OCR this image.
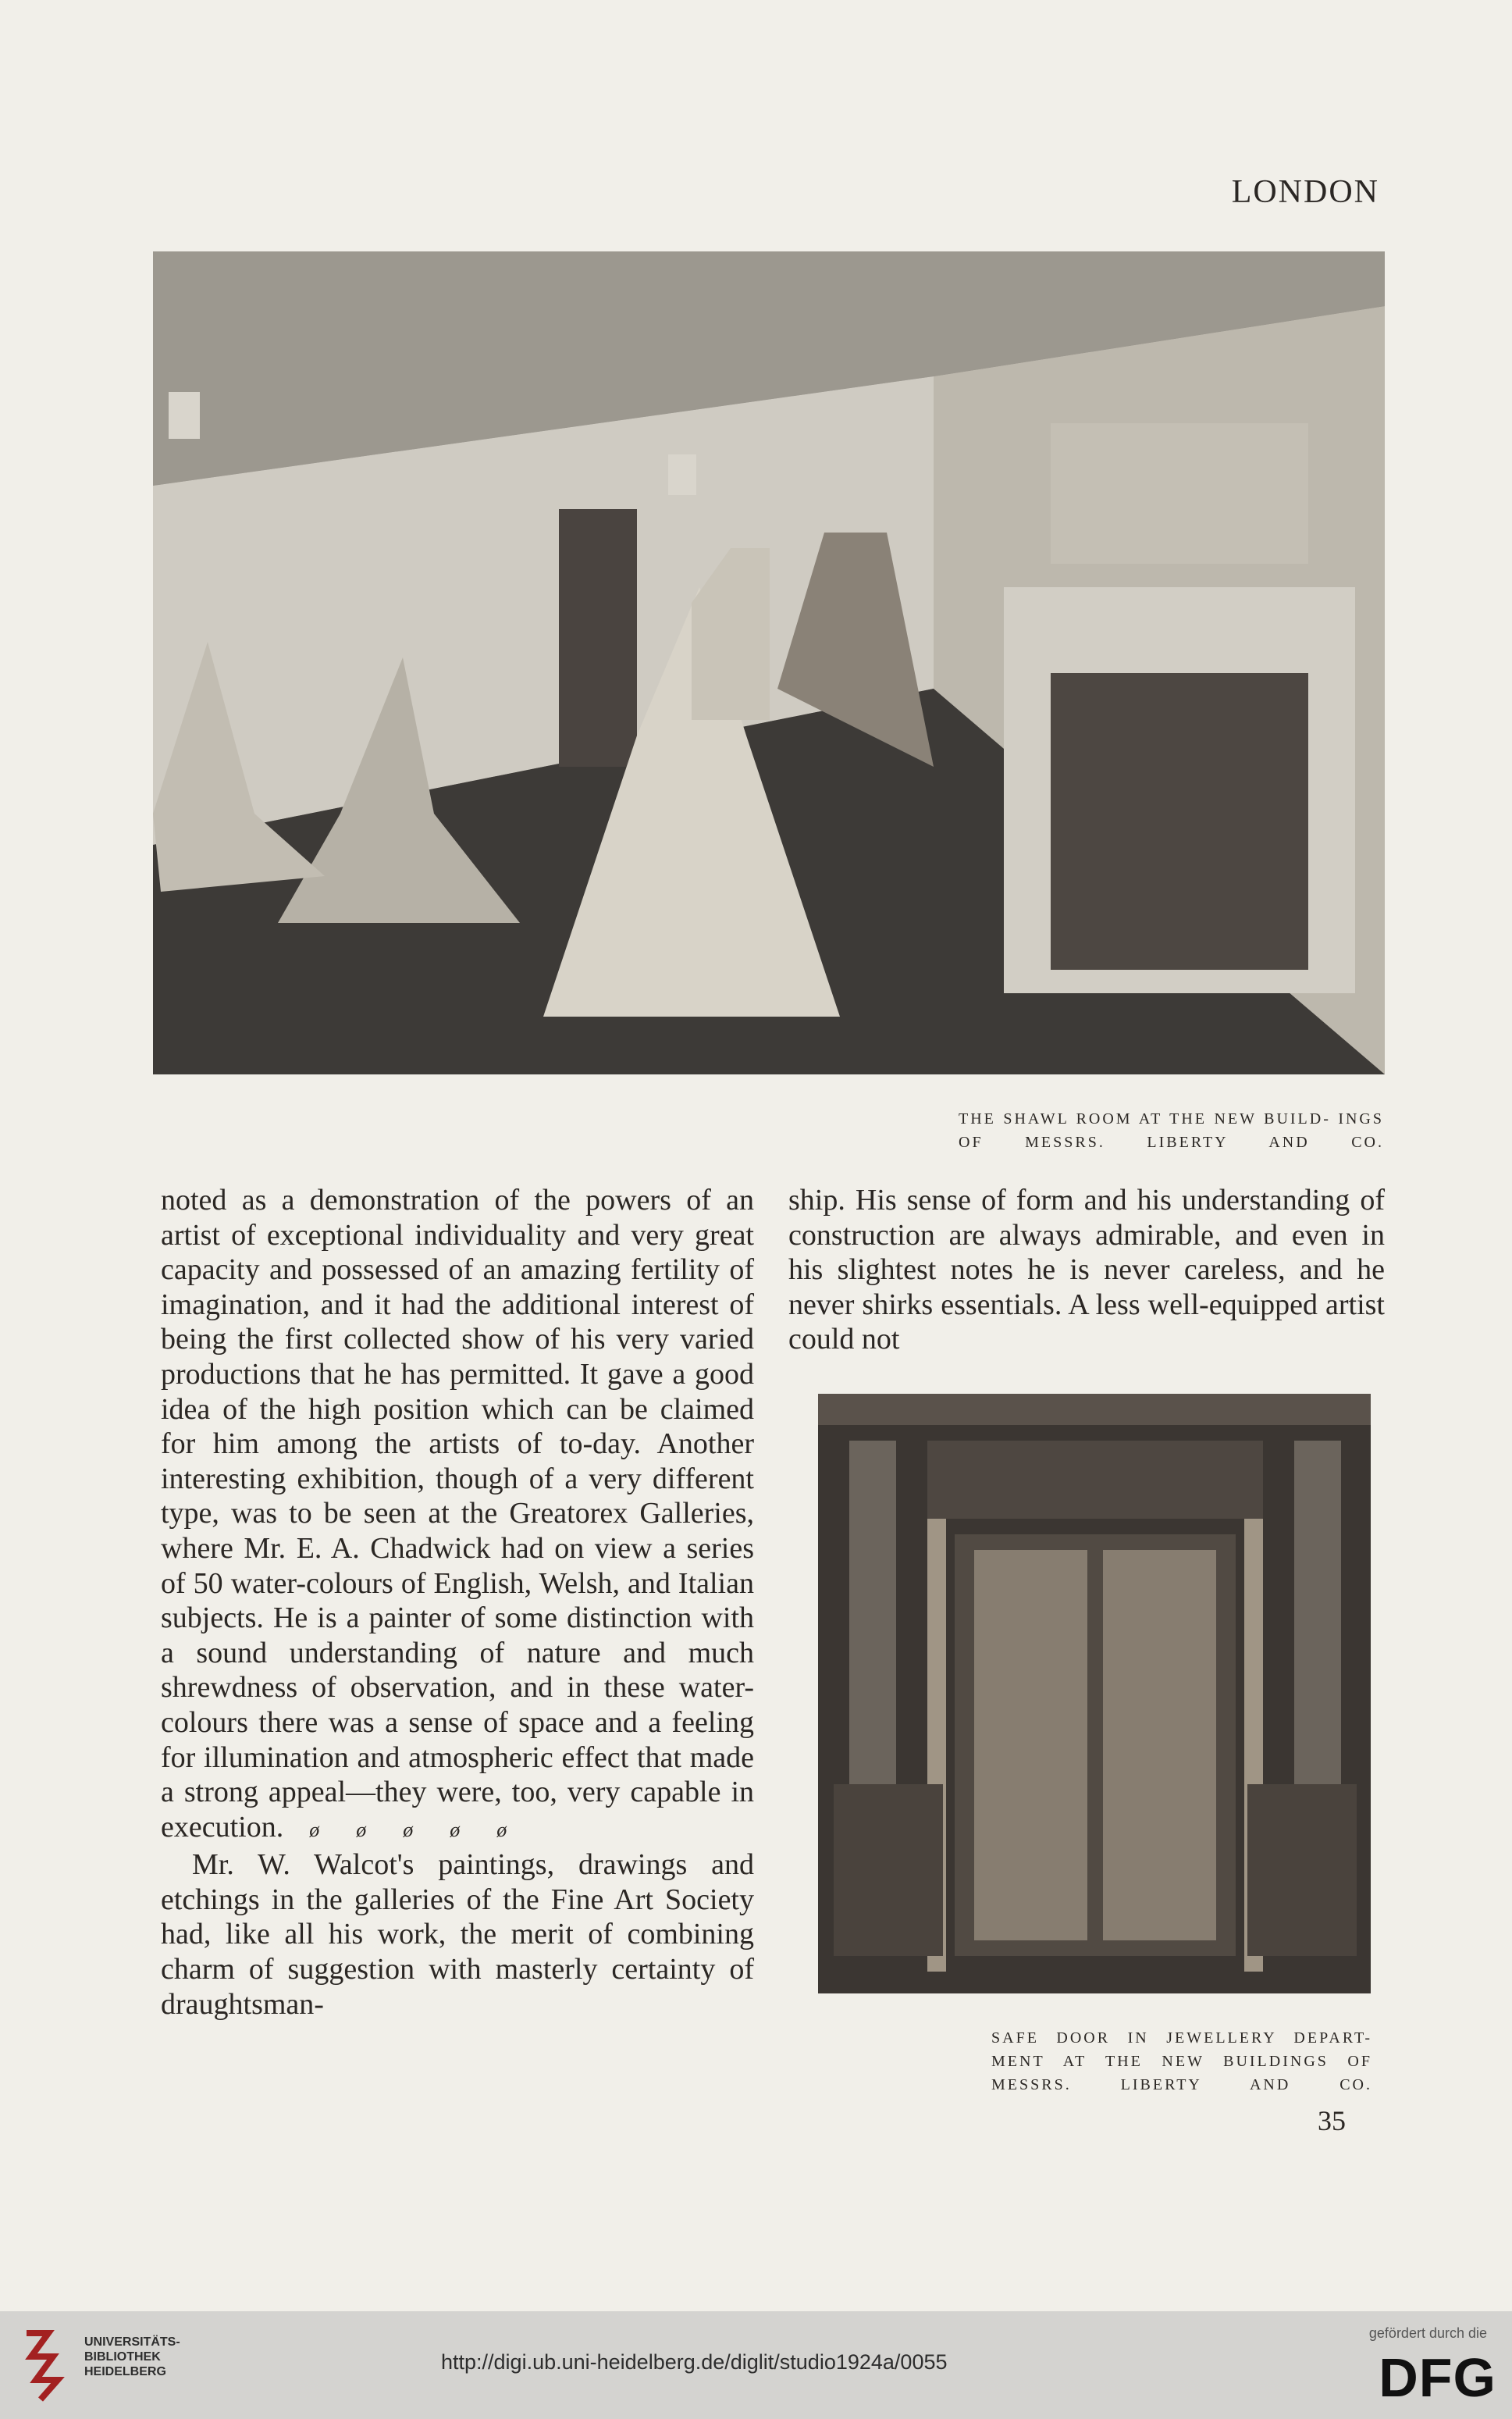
LONDON
THE SHAWL ROOM AT THE NEW BUILD- INGS OF MESSRS. LIBERTY AND CO.

noted as a demonstration of the powers of an artist of exceptional individuality and very great capacity and possessed of an amazing fertility of imagination, and it had the additional interest of being the first collected show of his very varied productions that he has permitted. It gave a good idea of the high position which can be claimed for him among the artists of to-day. Another interesting exhibition, though of a very different type, was to be seen at the Greatorex Galleries, where Mr. E. A. Chadwick had on view a series of 50 water-colours of English, Welsh, and Italian subjects. He is a painter of some distinction with a sound understanding of nature and much shrewdness of observation, and in these water-colours there was a sense of space and a feeling for illumination and atmospheric effect that made a strong appeal—they were, too, very capable in execution. ø ø ø ø ø

Mr. W. Walcot's paintings, drawings and etchings in the galleries of the Fine Art Society had, like all his work, the merit of combining charm of suggestion with masterly certainty of draughtsman-

ship. His sense of form and his understanding of construction are always admirable, and even in his slightest notes he is never careless, and he never shirks essentials. A less well-equipped artist could not

SAFE DOOR IN JEWELLERY DEPART- MENT AT THE NEW BUILDINGS OF MESSRS. LIBERTY AND CO.
35
UNIVERSITÄTS-
BIBLIOTHEK
HEIDELBERG	http://digi.ub.uni-heidelberg.de/diglit/studio1924a/0055
gefördert durch die
DFG
